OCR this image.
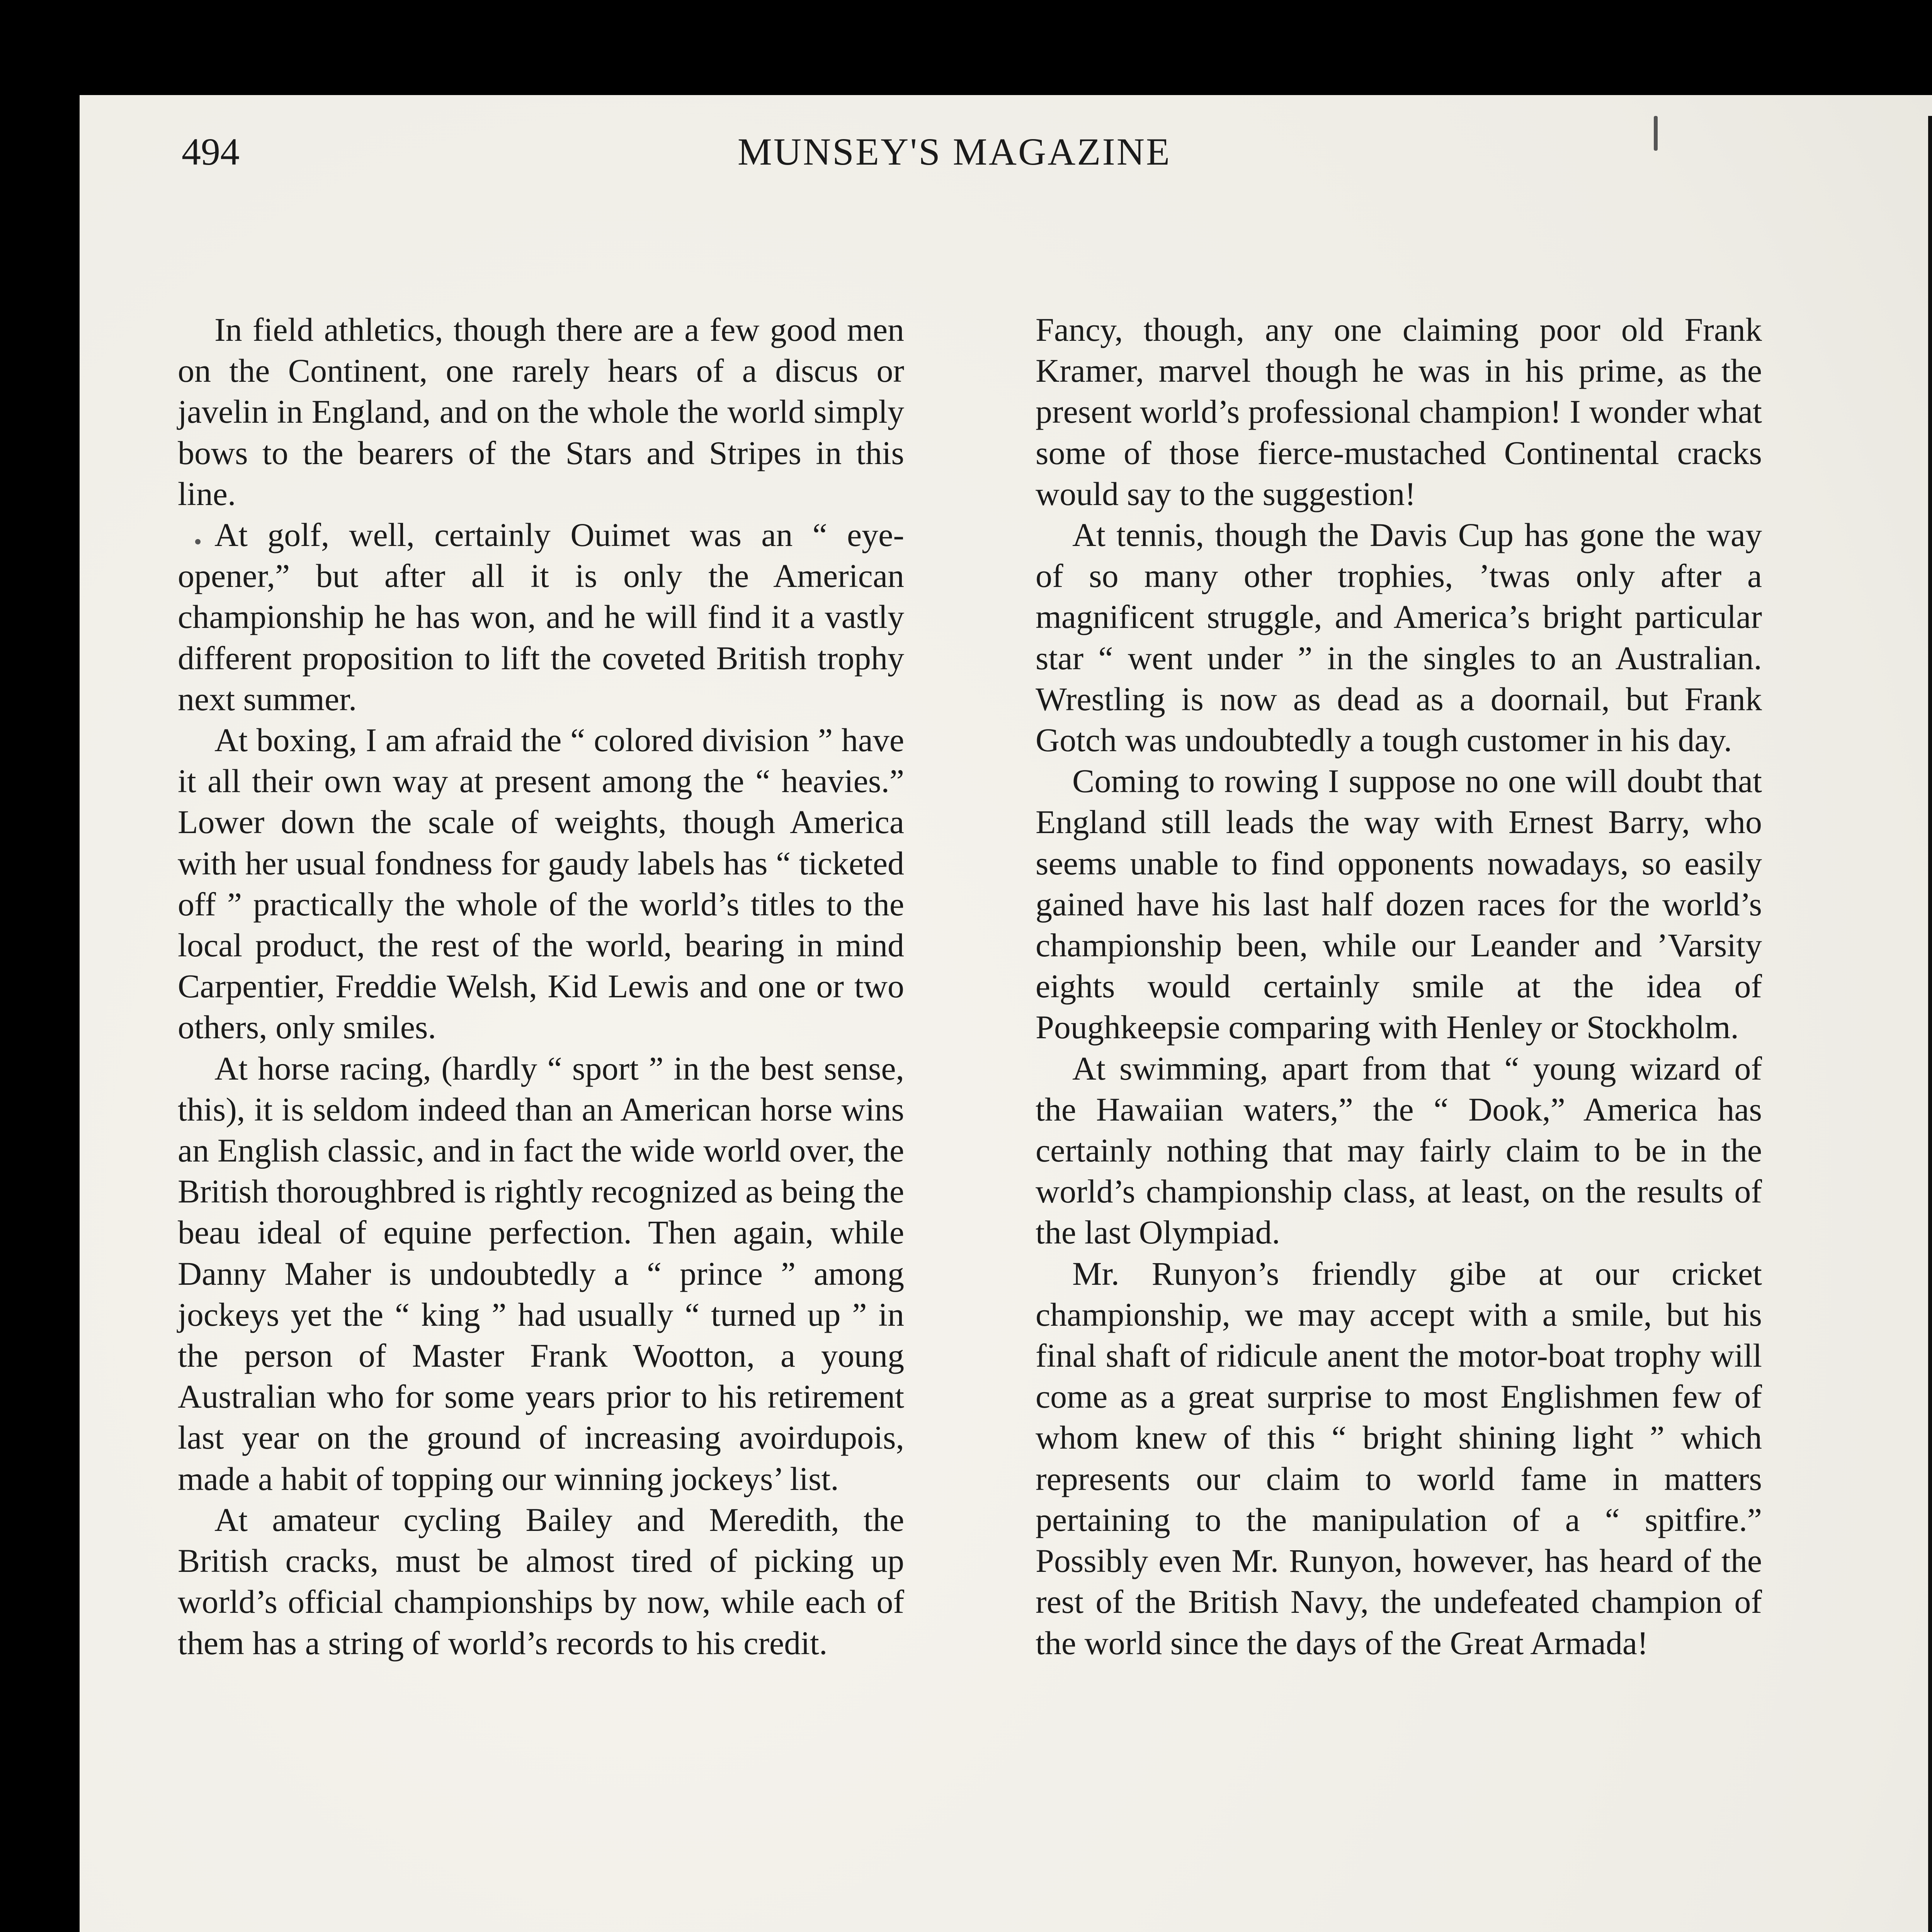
494	MUNSEY'S MAGAZINE

In field athletics, though there are a few good men on the Continent, one rarely hears of a discus or javelin in England, and on the whole the world simply bows to the bearers of the Stars and Stripes in this line.

At golf, well, certainly Ouimet was an “ eye-opener,” but after all it is only the American championship he has won, and he will find it a vastly different proposition to lift the coveted British trophy next summer.

At boxing, I am afraid the “ colored division ” have it all their own way at present among the “ heavies.” Lower down the scale of weights, though America with her usual fondness for gaudy labels has “ ticketed off ” practically the whole of the world’s titles to the local product, the rest of the world, bearing in mind Carpentier, Freddie Welsh, Kid Lewis and one or two others, only smiles.

At horse racing, (hardly “ sport ” in the best sense, this), it is seldom indeed than an American horse wins an English classic, and in fact the wide world over, the British thoroughbred is rightly recognized as being the beau ideal of equine perfection. Then again, while Danny Maher is undoubtedly a “ prince ” among jockeys yet the “ king ” had usually “ turned up ” in the person of Master Frank Wootton, a young Australian who for some years prior to his retirement last year on the ground of increasing avoirdupois, made a habit of topping our winning jockeys’ list.

At amateur cycling Bailey and Meredith, the British cracks, must be almost tired of picking up world’s official championships by now, while each of them has a string of world’s records to his credit.

Fancy, though, any one claiming poor old Frank Kramer, marvel though he was in his prime, as the present world’s professional champion! I wonder what some of those fierce-mustached Continental cracks would say to the suggestion!

At tennis, though the Davis Cup has gone the way of so many other trophies, ’twas only after a magnificent struggle, and America’s bright particular star “ went under ” in the singles to an Australian. Wrestling is now as dead as a doornail, but Frank Gotch was undoubtedly a tough customer in his day.

Coming to rowing I suppose no one will doubt that England still leads the way with Ernest Barry, who seems unable to find opponents nowadays, so easily gained have his last half dozen races for the world’s championship been, while our Leander and ’Varsity eights would certainly smile at the idea of Poughkeepsie comparing with Henley or Stockholm.

At swimming, apart from that “ young wizard of the Hawaiian waters,” the “ Dook,” America has certainly nothing that may fairly claim to be in the world’s championship class, at least, on the results of the last Olympiad.

Mr. Runyon’s friendly gibe at our cricket championship, we may accept with a smile, but his final shaft of ridicule anent the motor-boat trophy will come as a great surprise to most Englishmen few of whom knew of this “ bright shining light ” which represents our claim to world fame in matters pertaining to the manipulation of a “ spitfire.” Possibly even Mr. Runyon, however, has heard of the rest of the British Navy, the undefeated champion of the world since the days of the Great Armada!
